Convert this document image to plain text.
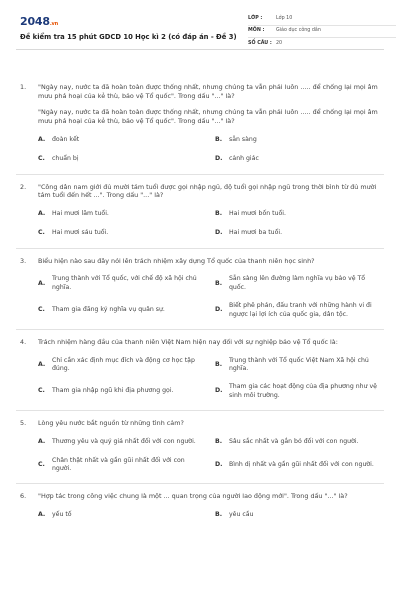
2048.vn
Đề kiểm tra 15 phút GDCD 10 Học kì 2 (có đáp án - Đề 3)
LỚP :	Lớp 10
MÔN :	Giáo dục công dân
SỐ CÂU : 20
1.	"Ngày nay, nước ta đã hoàn toàn được thống nhất, nhưng chúng ta vẫn phải luôn ..... để chống lại mọi âm mưu phá hoại của kẻ thù, bảo vệ Tổ quốc". Trong dấu "..." là?
"Ngày nay, nước ta đã hoàn toàn được thống nhất, nhưng chúng ta vẫn phải luôn ..... để chống lại mọi âm mưu phá hoại của kẻ thù, bảo vệ Tổ quốc". Trong dấu "..." là?
A.	đoàn kết	B.	sẵn sàng
C.	chuẩn bị	D.	cảnh giác
2.	"Công dân nam giới đủ mười tám tuổi được gọi nhập ngũ, độ tuổi gọi nhập ngũ trong thời bình từ đủ mười tám tuổi đến hết ...". Trong dấu "..." là?
A.	Hai mươi lăm tuổi.	B.	Hai mươi bốn tuổi.
C.	Hai mươi sáu tuổi.	D.	Hai mươi ba tuổi.
3.	Biểu hiện nào sau đây nói lên trách nhiệm xây dựng Tổ quốc của thanh niên học sinh?
A.
Trung thành với Tổ quốc, với chế độ xã hội chủ nghĩa.
B.
Sẵn sàng lên đường làm nghĩa vụ bảo vệ Tổ quốc.
C.	Tham gia đăng ký nghĩa vụ quân sự.	D.
Biết phê phán, đấu tranh với những hành vi đi ngược lại lợi ích của quốc gia, dân tộc.
4.	Trách nhiệm hàng đầu của thanh niên Việt Nam hiện nay đối với sự nghiệp bảo vệ Tổ quốc là:
A.
Chỉ cần xác định mục đích và động cơ học tập đúng.
B.
Trung thành với Tổ quốc Việt Nam Xã hội chủ nghĩa.
C.	Tham gia nhập ngũ khi địa phương gọi.	D.
Tham gia các hoạt động của địa phương như vệ sinh môi trường.
5.	Lòng yêu nước bắt nguồn từ những tình cảm?
A.	Thương yêu và quý giá nhất đối với con người.	B.	Sâu sắc nhất và gắn bó đối với con người.
C.
Chân thật nhất và gần gũi nhất đối với con người.
D.	Bình dị nhất và gần gũi nhất đối với con người.
6.	"Hợp tác trong công việc chung là một ... quan trọng của người lao động mới". Trong dấu "..." là?
A.	yếu tố	B.	yêu cầu
